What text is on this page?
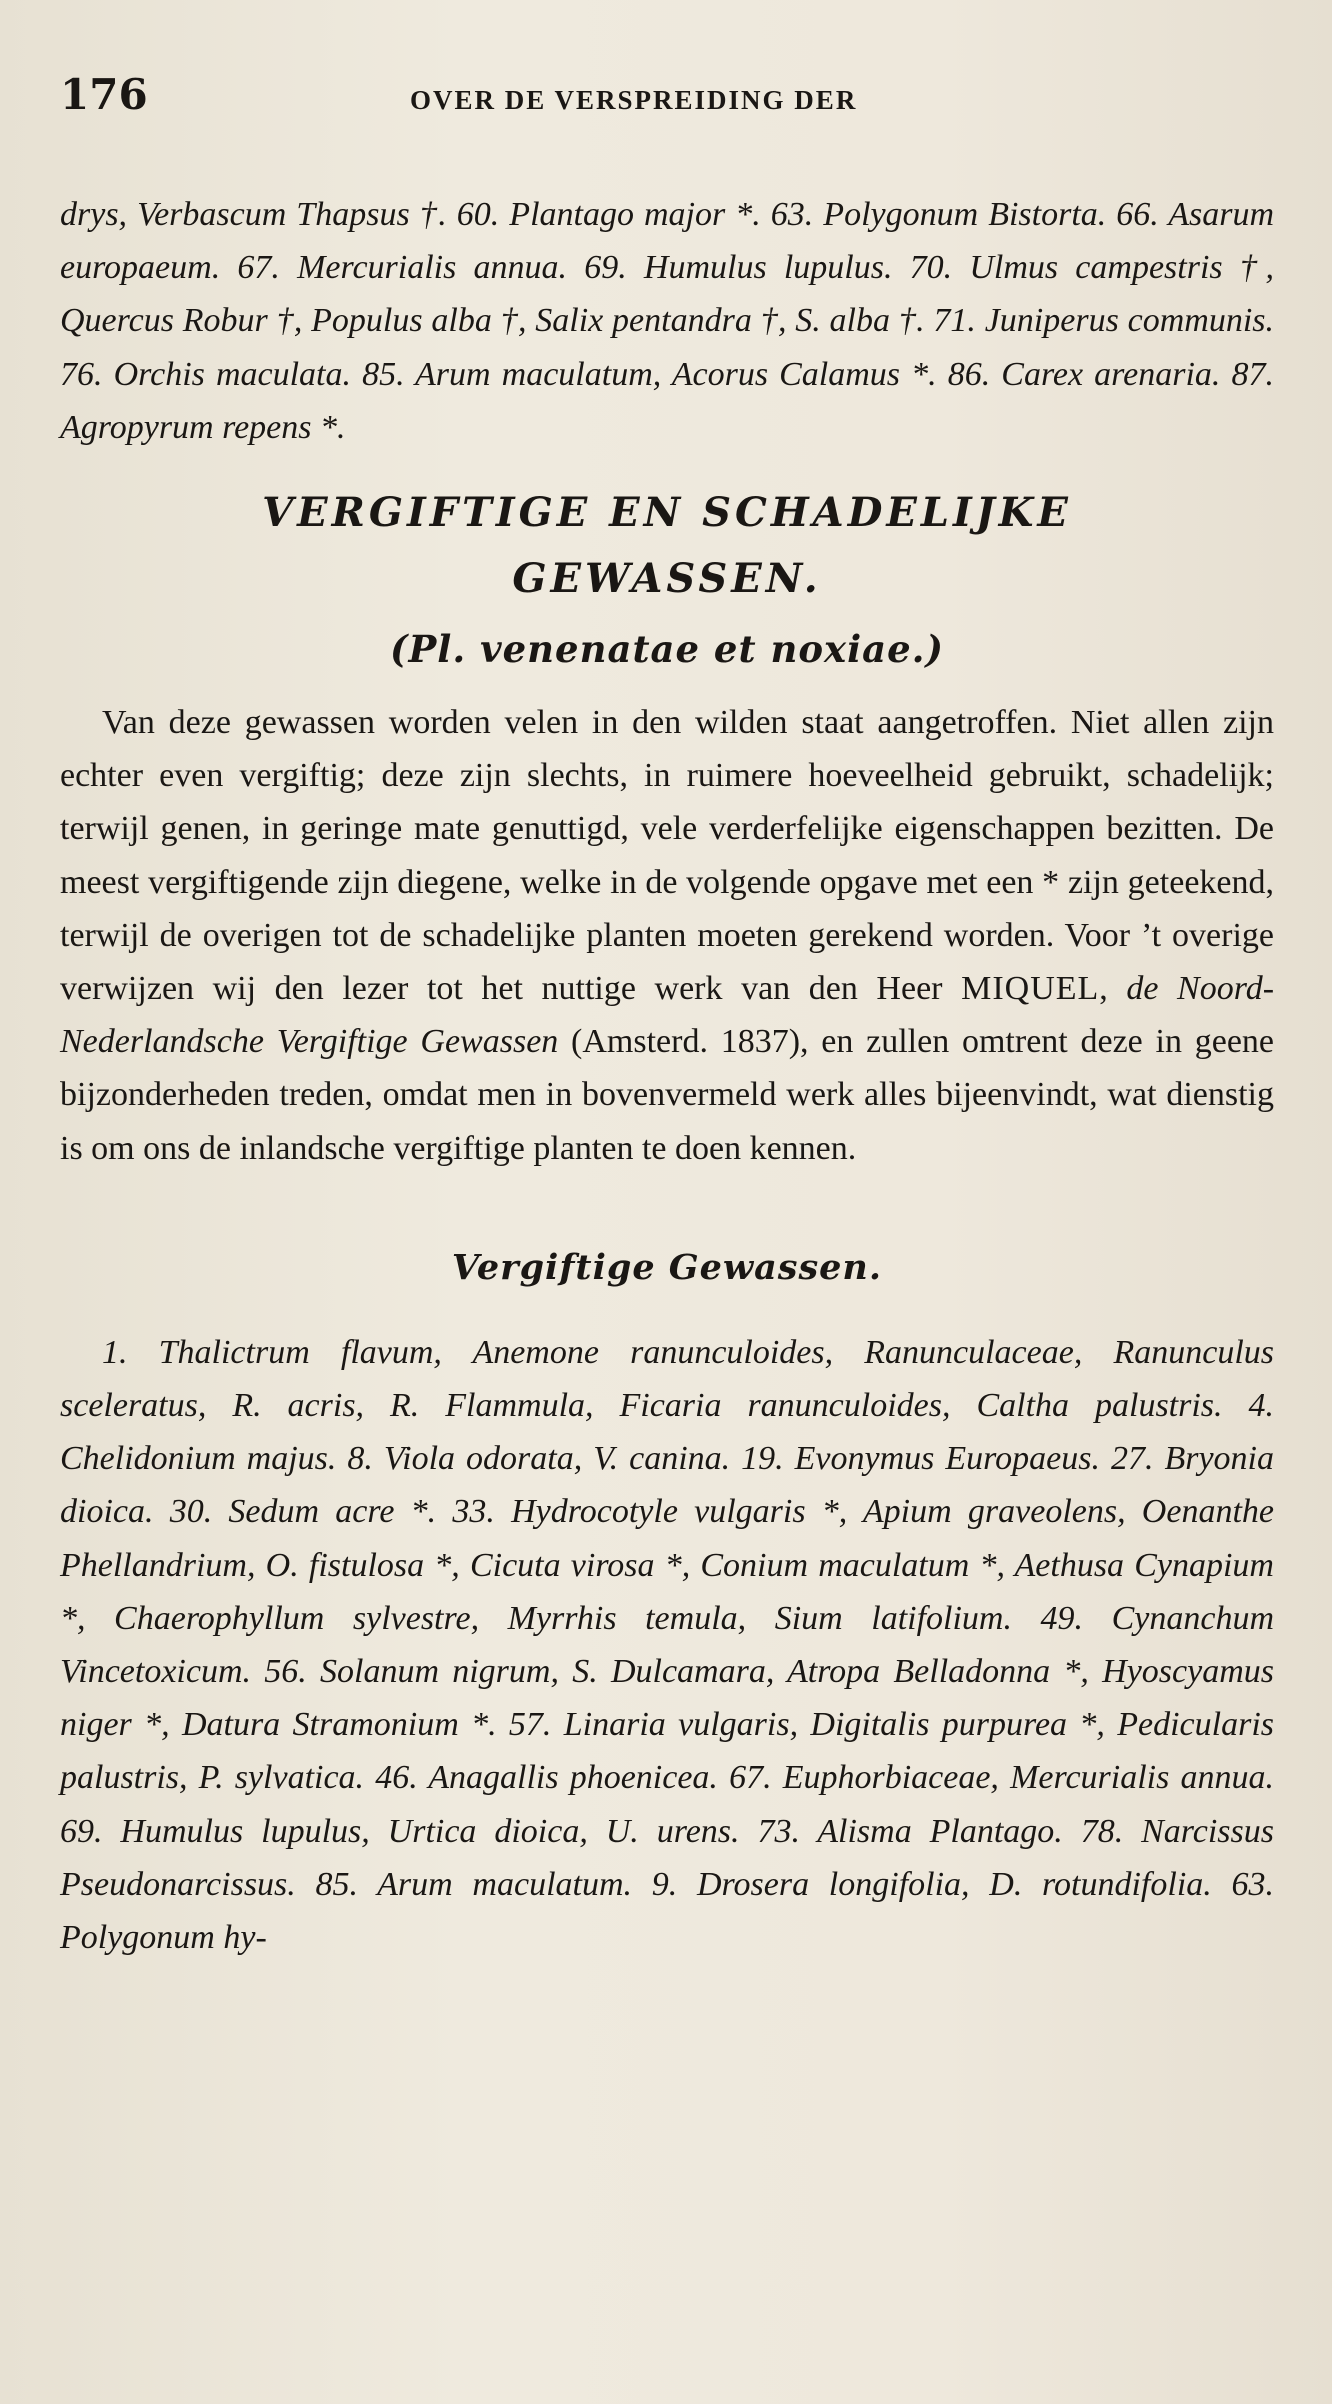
176	OVER DE VERSPREIDING DER

drys, Verbascum Thapsus †. 60. Plantago major *. 63. Polygonum Bistorta. 66. Asarum europaeum. 67. Mercurialis annua. 69. Humulus lupulus. 70. Ulmus campestris †, Quercus Robur †, Populus alba †, Salix pentandra †, S. alba †. 71. Juniperus communis. 76. Orchis maculata. 85. Arum maculatum, Acorus Calamus *. 86. Carex arenaria. 87. Agropyrum repens *.

VERGIFTIGE EN SCHADELIJKE
GEWASSEN.
(Pl. venenatae et noxiae.)

Van deze gewassen worden velen in den wilden staat aangetroffen. Niet allen zijn echter even vergiftig; deze zijn slechts, in ruimere hoeveelheid gebruikt, schadelijk; terwijl genen, in geringe mate genuttigd, vele verderfelijke eigenschappen bezitten. De meest vergiftigende zijn diegene, welke in de volgende opgave met een * zijn geteekend, terwijl de overigen tot de schadelijke planten moeten gerekend worden. Voor ’t overige verwijzen wij den lezer tot het nuttige werk van den Heer MIQUEL, de Noord-Nederlandsche Vergiftige Gewassen (Amsterd. 1837), en zullen omtrent deze in geene bijzonderheden treden, omdat men in bovenvermeld werk alles bijeenvindt, wat dienstig is om ons de inlandsche vergiftige planten te doen kennen.

Vergiftige Gewassen.

1. Thalictrum flavum, Anemone ranunculoides, Ranunculaceae, Ranunculus sceleratus, R. acris, R. Flammula, Ficaria ranunculoides, Caltha palustris. 4. Chelidonium majus. 8. Viola odorata, V. canina. 19. Evonymus Europaeus. 27. Bryonia dioica. 30. Sedum acre *. 33. Hydrocotyle vulgaris *, Apium graveolens, Oenanthe Phellandrium, O. fistulosa *, Cicuta virosa *, Conium maculatum *, Aethusa Cynapium *, Chaerophyllum sylvestre, Myrrhis temula, Sium latifolium. 49. Cynanchum Vincetoxicum. 56. Solanum nigrum, S. Dulcamara, Atropa Belladonna *, Hyoscyamus niger *, Datura Stramonium *. 57. Linaria vulgaris, Digitalis purpurea *, Pedicularis palustris, P. sylvatica. 46. Anagallis phoenicea. 67. Euphorbiaceae, Mercurialis annua. 69. Humulus lupulus, Urtica dioica, U. urens. 73. Alisma Plantago. 78. Narcissus Pseudonarcissus. 85. Arum maculatum. 9. Drosera longifolia, D. rotundifolia. 63. Polygonum hy-
